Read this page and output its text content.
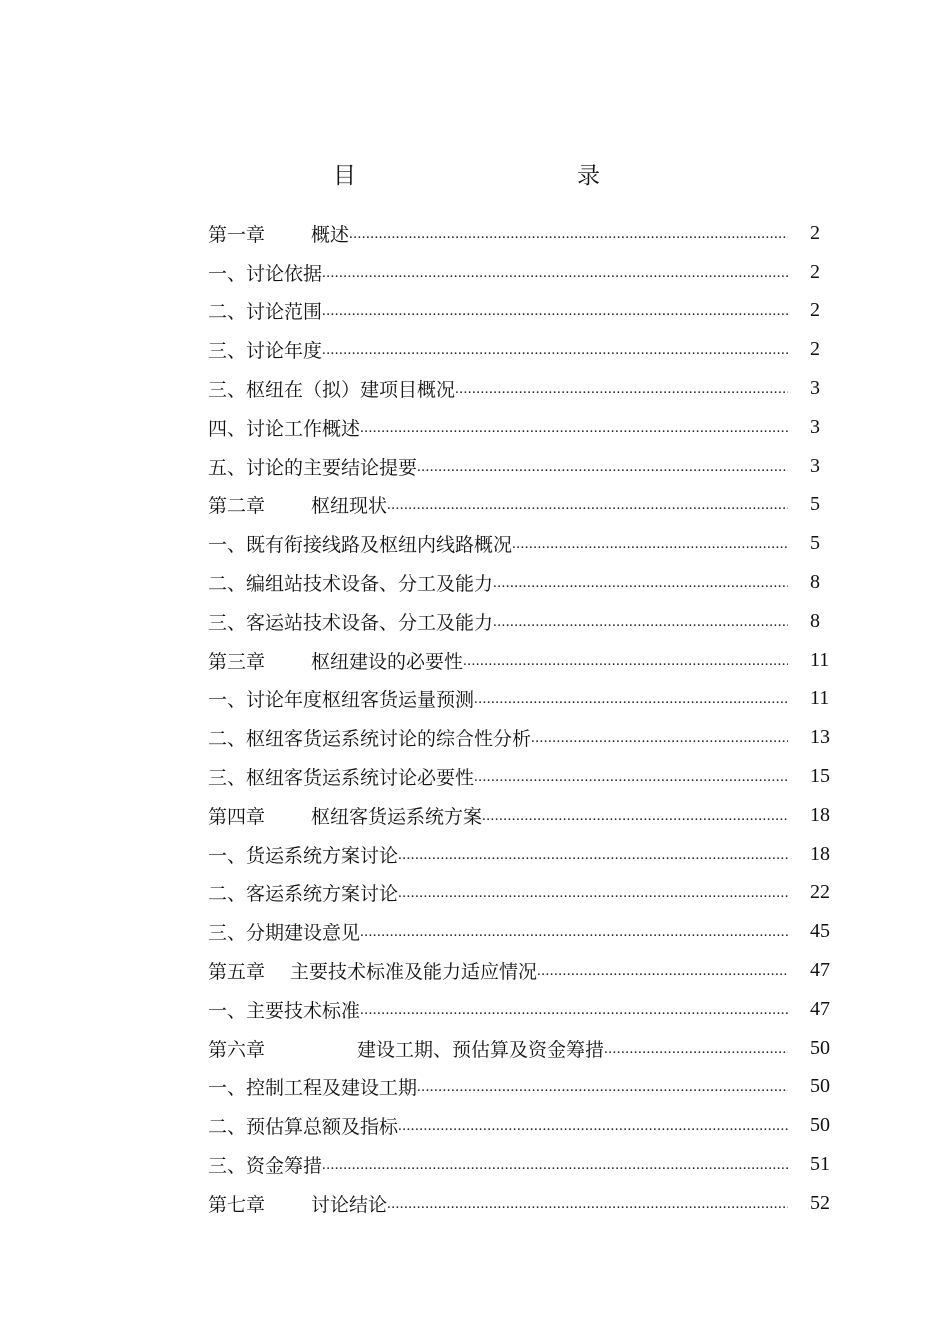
目	录
第一章 概述 .....	2
一、讨论依据 .....	2
二、讨论范围 .....	2
三、讨论年度 .....	2
三、枢纽在（拟）建项目概况 .....	3
四、讨论工作概述 .....	3
五、讨论的主要结论提要 .....	3
第二章 枢纽现状 .....	5
一、既有衔接线路及枢纽内线路概况 .....	5
二、编组站技术设备、分工及能力 .....	8
三、客运站技术设备、分工及能力 .....	8
第三章 枢纽建设的必要性 .....	11
一、讨论年度枢纽客货运量预测 .....	11
二、枢纽客货运系统讨论的综合性分析 .....	13
三、枢纽客货运系统讨论必要性 .....	15
第四章 枢纽客货运系统方案 .....	18
一、货运系统方案讨论 .....	18
二、客运系统方案讨论 .....	22
三、分期建设意见 .....	45
第五章 主要技术标准及能力适应情况 .....	47
一、主要技术标准 .....	47
第六章	建设工期、预估算及资金筹措 .....	50
一、控制工程及建设工期 .....	50
二、预估算总额及指标 .....	50
三、资金筹措 .....	51
第七章 讨论结论 .....	52
